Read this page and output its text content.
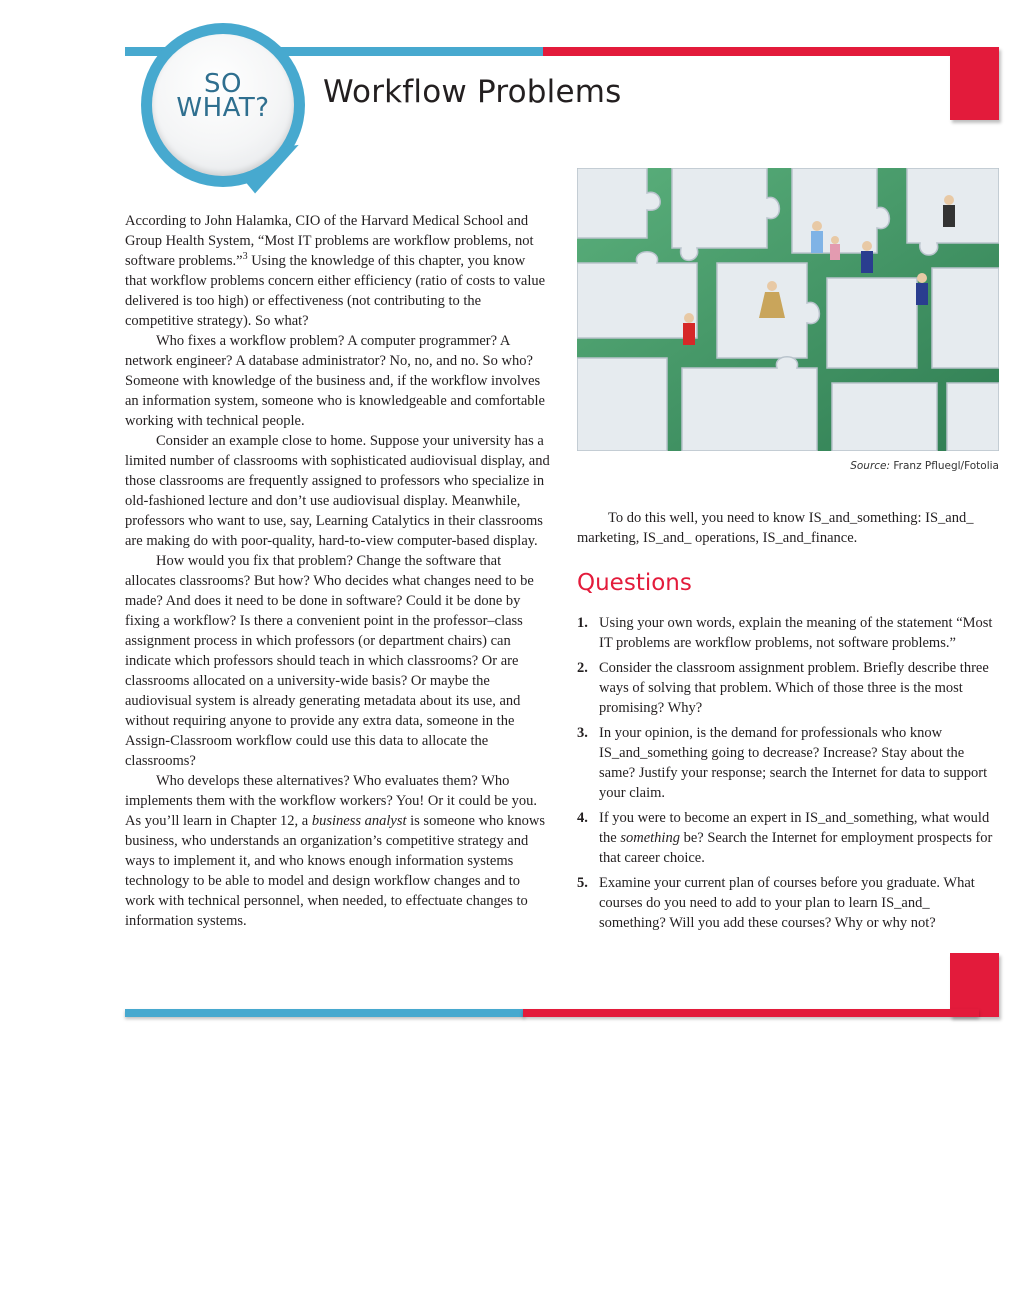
SO
WHAT?	Workflow Problems

According to John Halamka, CIO of the Harvard Medical School and Group Health System, “Most IT problems are workflow problems, not software problems.”$^3$ Using the knowledge of this chapter, you know that workflow problems concern either efficiency (ratio of costs to value delivered is too high) or effectiveness (not contributing to the competitive strategy). So what?

Who fixes a workflow problem? A computer programmer? A network engineer? A database administrator? No, no, and no. So who? Someone with knowledge of the business and, if the workflow involves an information system, someone who is knowledgeable and comfortable working with technical people.

Consider an example close to home. Suppose your university has a limited number of classrooms with sophisticated audiovisual display, and those classrooms are frequently assigned to professors who specialize in old-fashioned lecture and don’t use audiovisual display. Meanwhile, professors who want to use, say, Learning Catalytics in their classrooms are making do with poor-quality, hard-to-view computer-based display.

How would you fix that problem? Change the software that allocates classrooms? But how? Who decides what changes need to be made? And does it need to be done in software? Could it be done by fixing a workflow? Is there a convenient point in the professor–class assignment process in which professors (or department chairs) can indicate which professors should teach in which classrooms? Or are classrooms allocated on a university-wide basis? Or maybe the audiovisual system is already generating metadata about its use, and without requiring anyone to provide any extra data, someone in the Assign-Classroom workflow could use this data to allocate the classrooms?

Who develops these alternatives? Who evaluates them? Who implements them with the workflow workers? You! Or it could be you. As you’ll learn in Chapter 12, a business analyst is someone who knows business, who understands an organization’s competitive strategy and ways to implement it, and who knows enough information systems technology to be able to model and design workflow changes and to work with technical personnel, when needed, to effectuate changes to information systems.

Source: Franz Pfluegl/Fotolia

To do this well, you need to know IS_and_something: IS_and_ marketing, IS_and_ operations, IS_and_finance.

Questions
1. Using your own words, explain the meaning of the statement “Most IT problems are workflow problems, not software problems.”
2. Consider the classroom assignment problem. Briefly describe three ways of solving that problem. Which of those three is the most promising? Why?
3. In your opinion, is the demand for professionals who know IS_and_something going to decrease? Increase? Stay about the same? Justify your response; search the Internet for data to support your claim.
4. If you were to become an expert in IS_and_something, what would the something be? Search the Internet for employment prospects for that career choice.
5. Examine your current plan of courses before you graduate. What courses do you need to add to your plan to learn IS_and_ something? Will you add these courses? Why or why not?
